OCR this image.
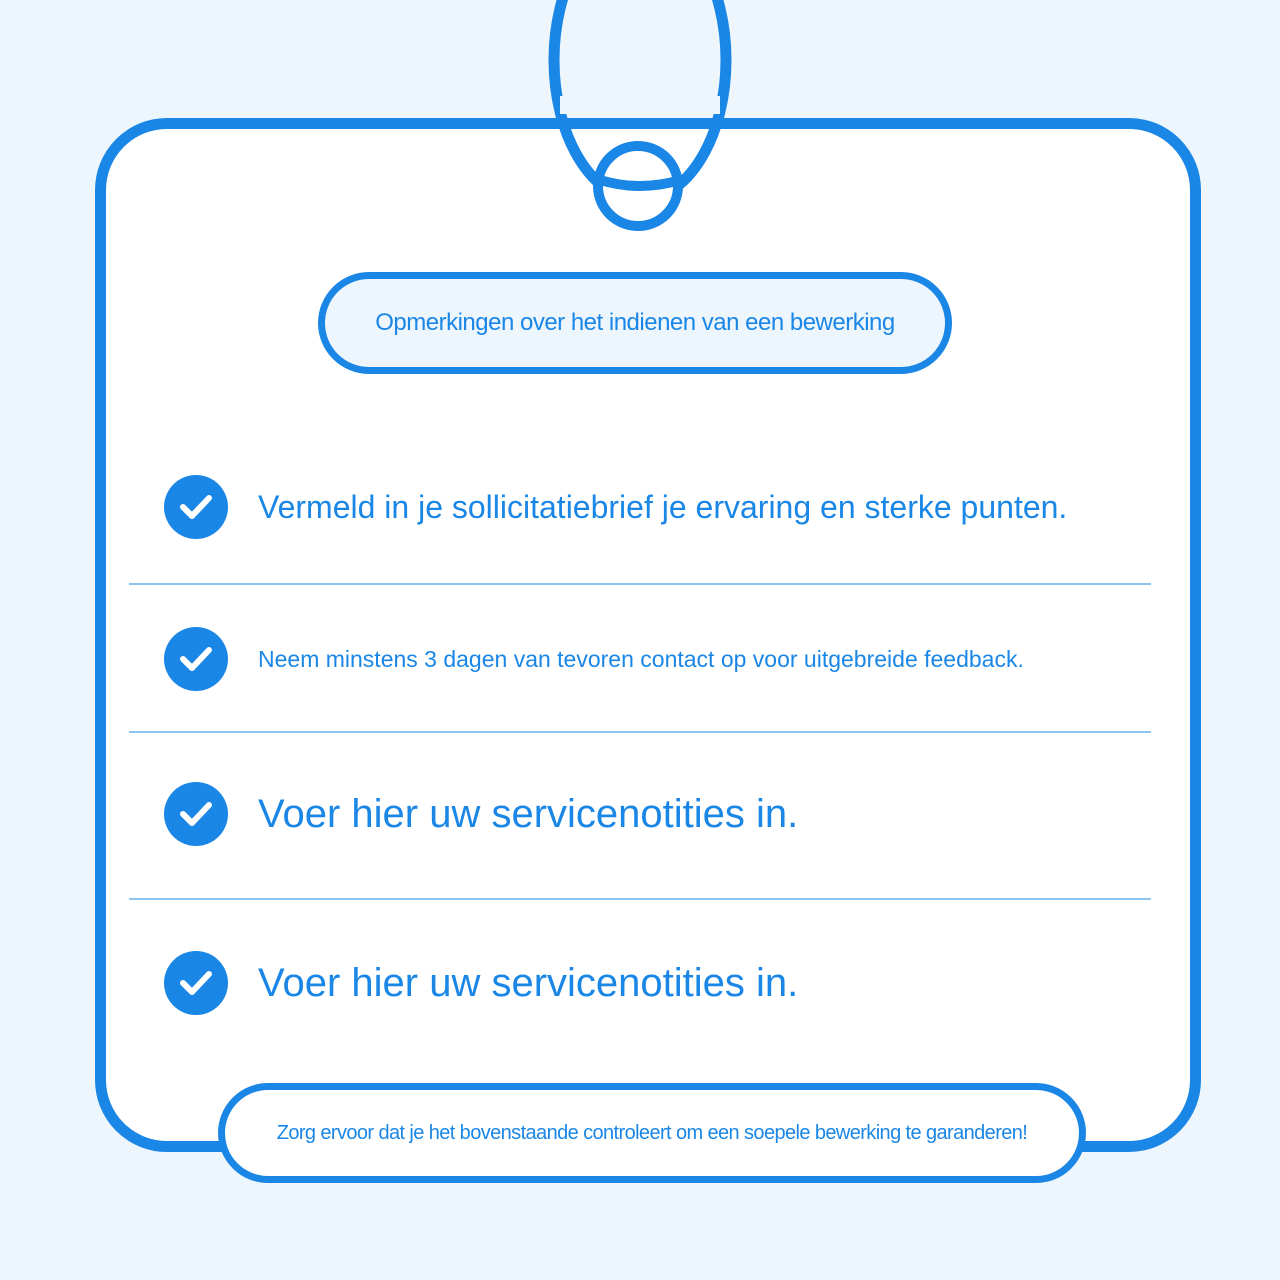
Opmerkingen over het indienen van een bewerking
Vermeld in je sollicitatiebrief je ervaring en sterke punten.
Neem minstens 3 dagen van tevoren contact op voor uitgebreide feedback.
Voer hier uw servicenotities in.
Voer hier uw servicenotities in.
Zorg ervoor dat je het bovenstaande controleert om een soepele bewerking te garanderen!
